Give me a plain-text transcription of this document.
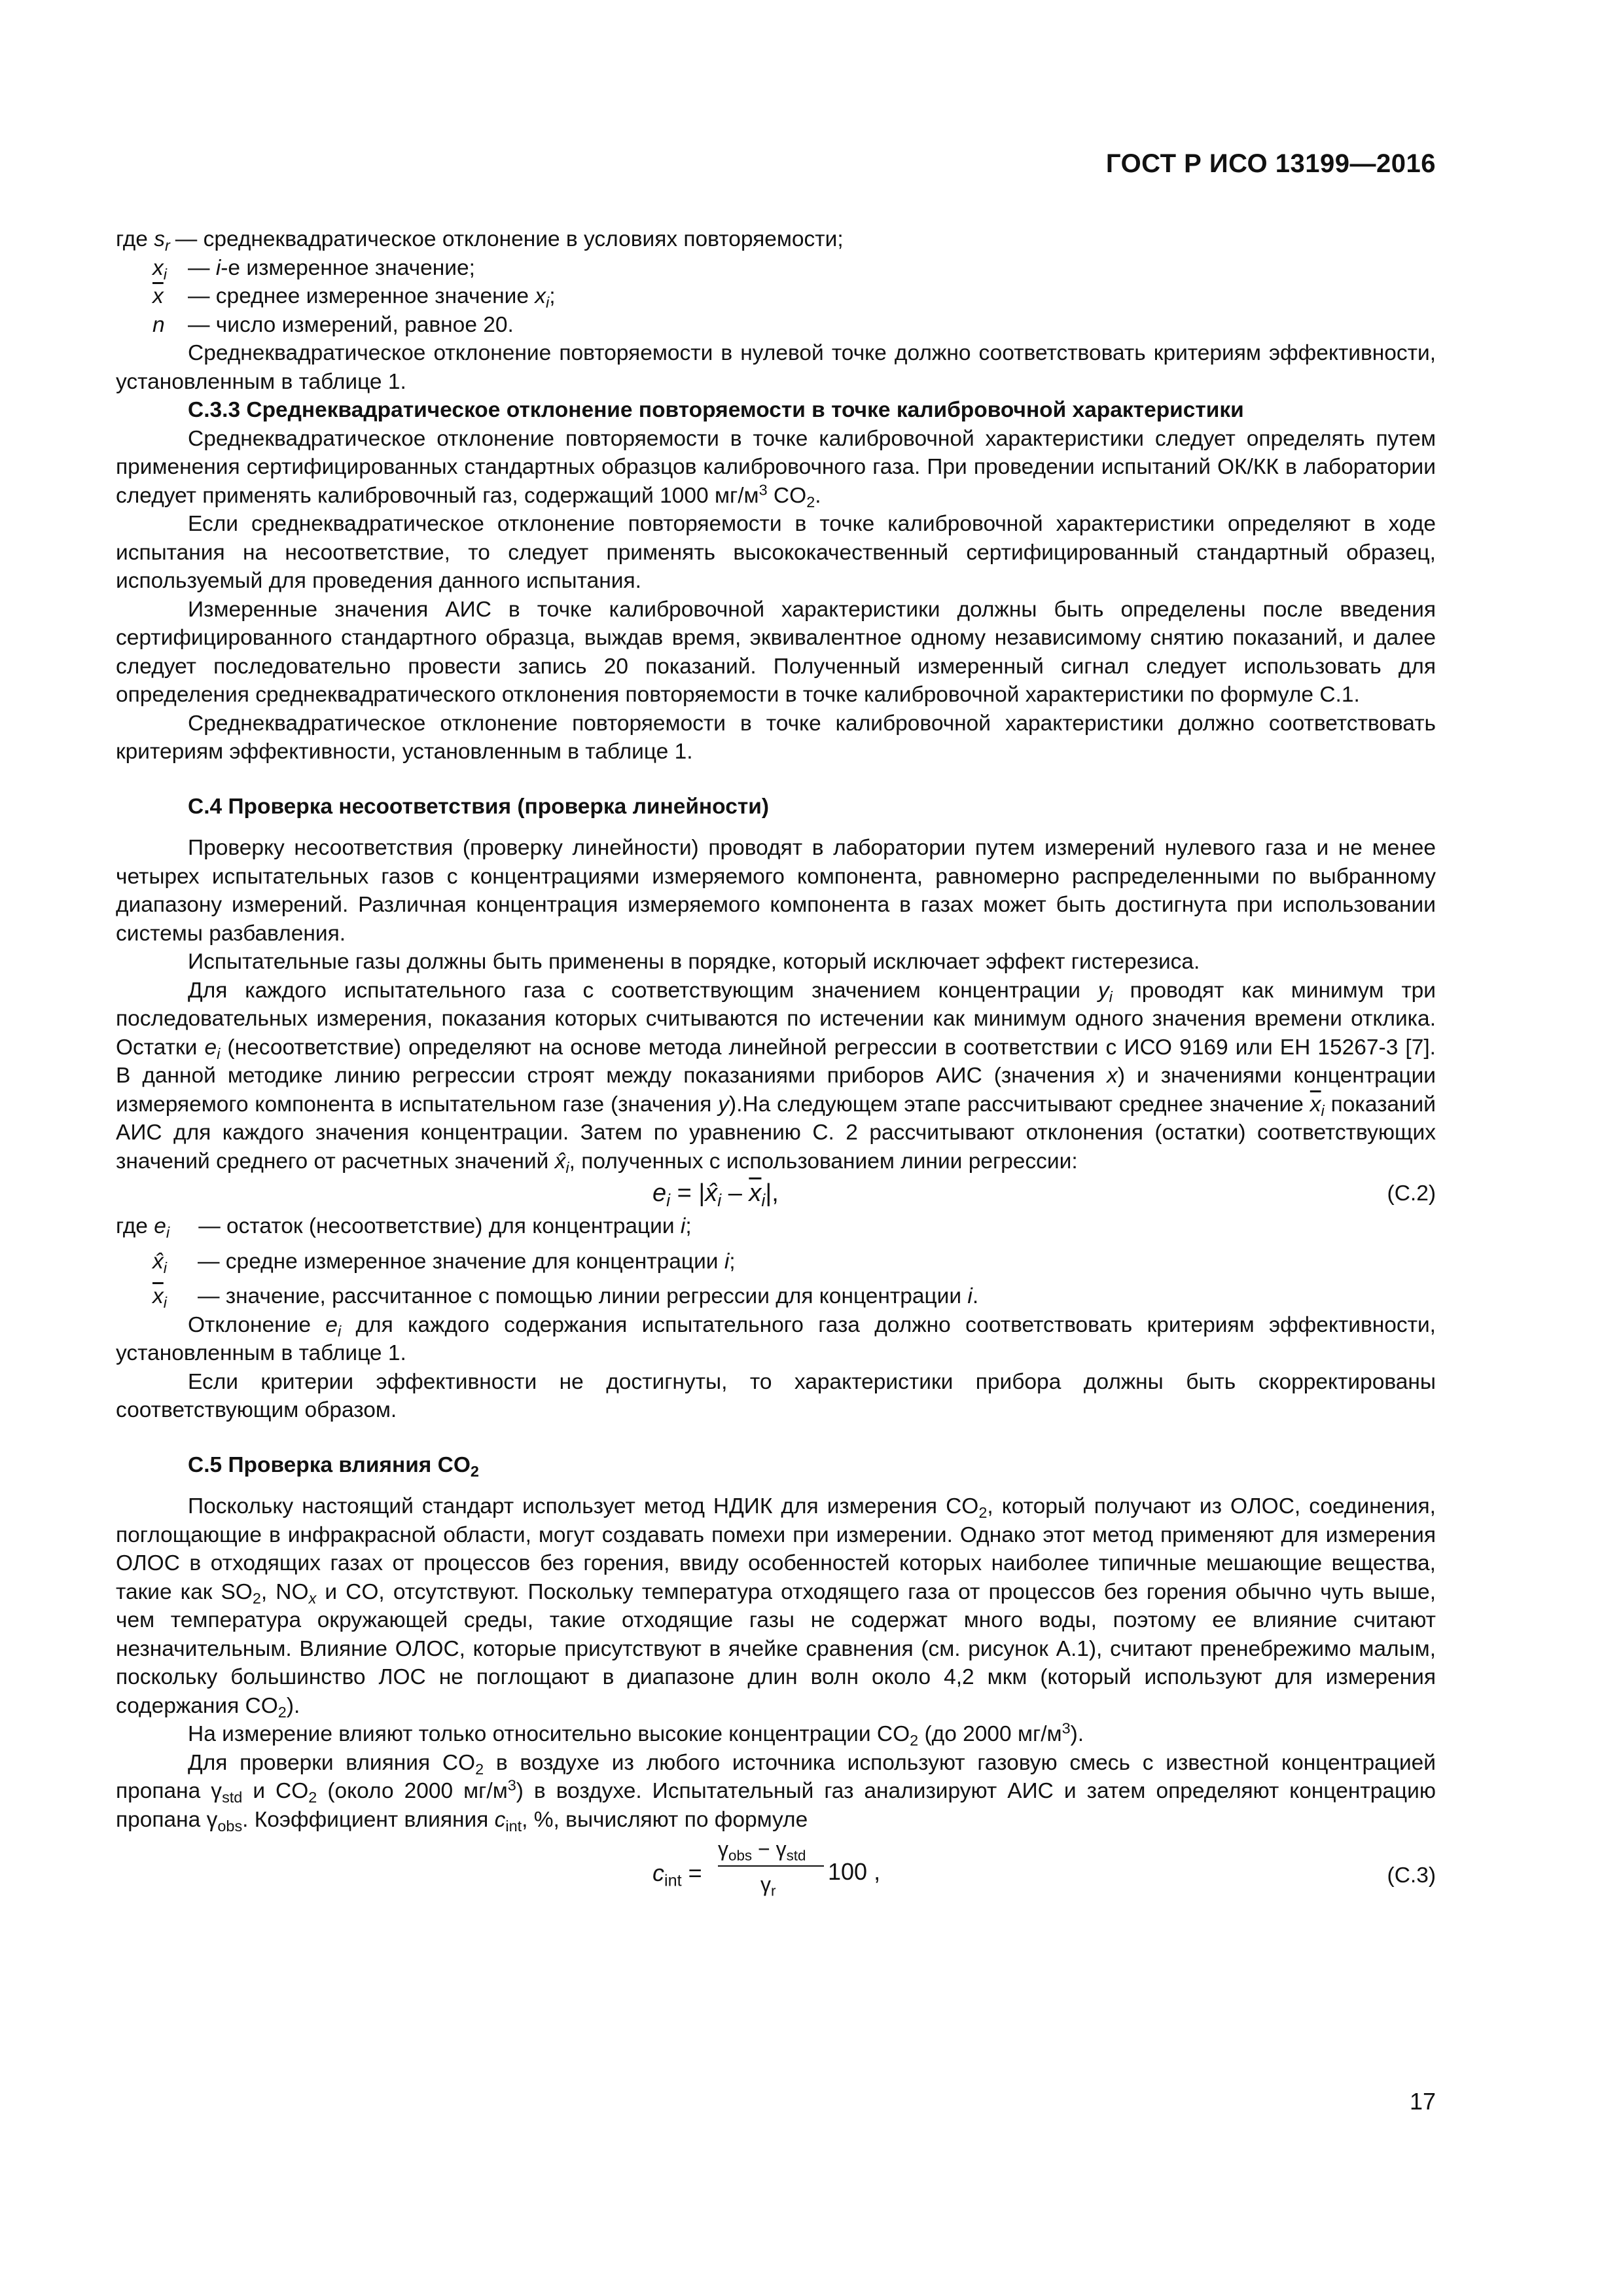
ГОСТ Р ИСО 13199—2016
где
$s_r$ — среднеквадратическое отклонение в условиях повторяемости;
$x_i$ — i-е измеренное значение;
$\overline{x}$	— среднее измеренное значение $x_i$;
n	— число измерений, равное 20.

Среднеквадратическое отклонение повторяемости в нулевой точке должно соответствовать критериям эффективности, установленным в таблице 1.

С.3.3 Среднеквадратическое отклонение повторяемости в точке калибровочной характеристики

Среднеквадратическое отклонение повторяемости в точке калибровочной характеристики следует определять путем применения сертифицированных стандартных образцов калибровочного газа. При проведении испытаний ОК/КК в лаборатории следует применять калибровочный газ, содержащий 1000 $мг/м^3$ $CO_2$.

Если среднеквадратическое отклонение повторяемости в точке калибровочной характеристики определяют в ходе испытания на несоответствие, то следует применять высококачественный сертифицированный стандартный образец, используемый для проведения данного испытания.

Измеренные значения АИС в точке калибровочной характеристики должны быть определены после введения сертифицированного стандартного образца, выждав время, эквивалентное одному независимому снятию показаний, и далее следует последовательно провести запись 20 показаний. Полученный измеренный сигнал следует использовать для определения среднеквадратического отклонения повторяемости в точке калибровочной характеристики по формуле С.1.

Среднеквадратическое отклонение повторяемости в точке калибровочной характеристики должно соответствовать критериям эффективности, установленным в таблице 1.

С.4 Проверка несоответствия (проверка линейности)

Проверку несоответствия (проверку линейности) проводят в лаборатории путем измерений нулевого газа и не менее четырех испытательных газов с концентрациями измеряемого компонента, равномерно распределенными по выбранному диапазону измерений. Различная концентрация измеряемого компонента в газах может быть достигнута при использовании системы разбавления.

Испытательные газы должны быть применены в порядке, который исключает эффект гистерезиса.

Для каждого испытательного газа с соответствующим значением концентрации $y_i$ проводят как минимум три последовательных измерения, показания которых считываются по истечении как минимум одного значения времени отклика. Остатки $e_i$ (несоответствие) определяют на основе метода линейной регрессии в соответствии с ИСО 9169 или ЕН 15267-3 [7]. В данной методике линию регрессии строят между показаниями приборов АИС (значения x) и значениями концентрации измеряемого компонента в испытательном газе (значения y).На следующем этапе рассчитывают среднее значение $\overline{x}_i$ показаний АИС для каждого значения концентрации. Затем по уравнению С. 2 рассчитывают отклонения (остатки) соответствующих значений среднего от расчетных значений $x̂_i$, полученных с использованием линии регрессии:

$e_i$ = $|x̂_i - \overline{x}_i|$,	(С.2)
где
$e_i$	— остаток (несоответствие) для концентрации i;
$x̂_i$	— средне измеренное значение для концентрации i;
$\overline{x}_i$	— значение, рассчитанное с помощью линии регрессии для концентрации i.

Отклонение $e_i$ для каждого содержания испытательного газа должно соответствовать критериям эффективности, установленным в таблице 1.

Если критерии эффективности не достигнуты, то характеристики прибора должны быть скорректированы соответствующим образом.

С.5 Проверка влияния $CO_2$

Поскольку настоящий стандарт использует метод НДИК для измерения $CO_2$, который получают из ОЛОС, соединения, поглощающие в инфракрасной области, могут создавать помехи при измерении. Однако этот метод применяют для измерения ОЛОС в отходящих газах от процессов без горения, ввиду особенностей которых наиболее типичные мешающие вещества, такие как $SO_2$, $NO_x$ и CO, отсутствуют. Поскольку температура отходящего газа от процессов без горения обычно чуть выше, чем температура окружающей среды, такие отходящие газы не содержат много воды, поэтому ее влияние считают незначительным. Влияние ОЛОС, которые присутствуют в ячейке сравнения (см. рисунок А.1), считают пренебрежимо малым, поскольку большинство ЛОС не поглощают в диапазоне длин волн около 4,2 мкм (который используют для измерения содержания $CO_2$).

На измерение влияют только относительно высокие концентрации $CO_2$ (до 2000 $мг/м^3$).

Для проверки влияния $CO_2$ в воздухе из любого источника используют газовую смесь с известной концентрацией пропана $\gamma_{std}$ и $CO_2$ (около 2000 $мг/м^3$) в воздухе. Испытательный газ анализируют АИС и затем определяют концентрацию пропана $\gamma_{obs}$. Коэффициент влияния $c_{int}$, %, вычисляют по формуле

$c_{int}$ =
$\gamma_{obs} - \gamma_{std}$
$\gamma_r$
100 ,	(С.3)
17
